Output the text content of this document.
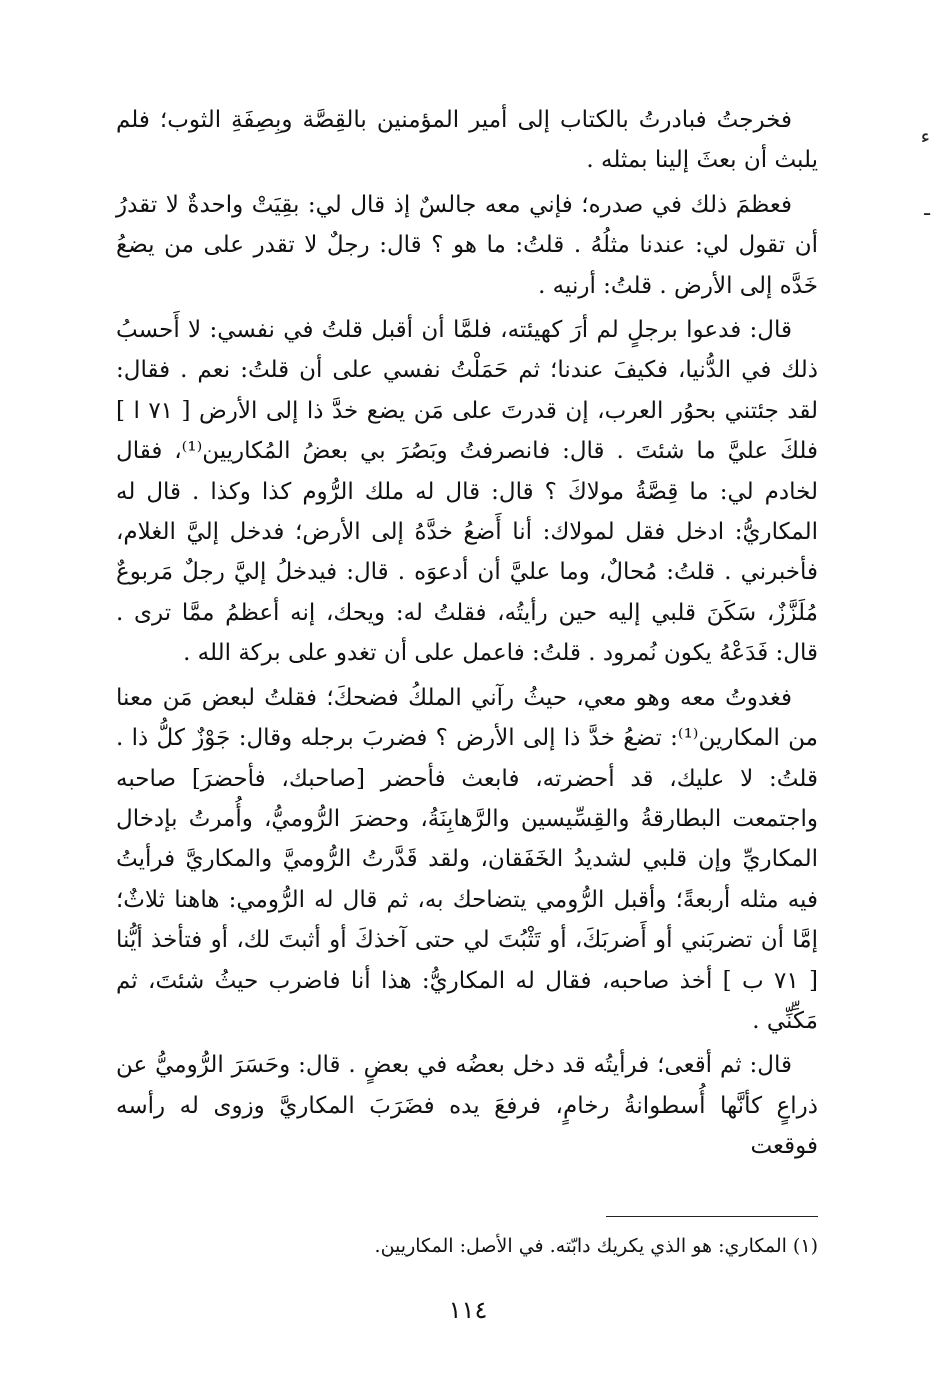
ء
ـ

فخرجتُ فبادرتُ بالكتاب إلى أمير المؤمنين بالقِصَّة وبِصِفَةِ الثوب؛ فلم يلبث أن بعثَ إلينا بمثله .

فعظمَ ذلك في صدره؛ فإني معه جالسٌ إذ قال لي: بقِيَتْ واحدةٌ لا تقدرُ أن تقول لي: عندنا مثلُهُ . قلتُ: ما هو ؟ قال: رجلٌ لا تقدر على من يضعُ خَدَّه إلى الأرض . قلتُ: أرنيه .

قال: فدعوا برجلٍ لم أرَ كهيئته، فلمَّا أن أقبل قلتُ في نفسي: لا أَحسبُ ذلك في الدُّنيا، فكيفَ عندنا؛ ثم حَمَلْتُ نفسي على أن قلتُ: نعم . فقال: لقد جئتني بحوُر العرب، إن قدرتَ على مَن يضع خدَّ ذا إلى الأرض [ ٧١ ا ] فلكَ عليَّ ما شئتَ . قال: فانصرفتُ وبَصُرَ بي بعضُ المُكاريين⁽¹⁾، فقال لخادم لي: ما قِصَّةُ مولاكَ ؟ قال: قال له ملك الرُّوم كذا وكذا . قال له المكاريُّ: ادخل فقل لمولاك: أنا أَضعُ خدَّهُ إلى الأرض؛ فدخل إليَّ الغلام، فأخبرني . قلتُ: مُحالٌ، وما عليَّ أن أدعوَه . قال: فيدخلُ إليَّ رجلٌ مَربوعٌ مُلَزَّزٌ، سَكَنَ قلبي إليه حين رأيتُه، فقلتُ له: ويحك، إنه أعظمُ ممَّا ترى . قال: فَدَعْهُ يكون نُمرود . قلتُ: فاعمل على أن تغدو على بركة الله .

فغدوتُ معه وهو معي، حيثُ رآني الملكُ فضحكَ؛ فقلتُ لبعض مَن معنا من المكارين⁽¹⁾: تضعُ خدَّ ذا إلى الأرض ؟ فضربَ برجله وقال: جَوْزٌ كلُّ ذا . قلتُ: لا عليك، قد أحضرته، فابعث فأحضر [صاحبك، فأحضرَ] صاحبه واجتمعت البطارقةُ والقِسِّيسين والرَّهابِنَةُ، وحضرَ الرُّوميُّ، وأُمرتُ بإدخال المكاريِّ وإن قلبي لشديدُ الخَفَقان، ولقد قَدَّرتُ الرُّوميَّ والمكاريَّ فرأيتُ فيه مثله أربعةً؛ وأقبل الرُّومي يتضاحك به، ثم قال له الرُّومي: هاهنا ثلاثٌ؛ إمَّا أن تضربَني أو أَضربَكَ، أو تَثْبُتَ لي حتى آخذكَ أو أثبتَ لك، أو فتأخذ أيُّنا [ ٧١ ب ] أخذ صاحبه، فقال له المكاريُّ: هذا أنا فاضرب حيثُ شئتَ، ثم مَكِّنِّي .

قال: ثم أقعى؛ فرأيتُه قد دخل بعضُه في بعضٍ . قال: وحَسَرَ الرُّوميُّ عن ذراعٍ كأنَّها أُسطوانةُ رخامٍ، فرفعَ يده فضَرَبَ المكاريَّ وزوى له رأسه فوقعت

(١) المكاري: هو الذي يكريك دابّته. في الأصل: المكاريين.
١١٤
